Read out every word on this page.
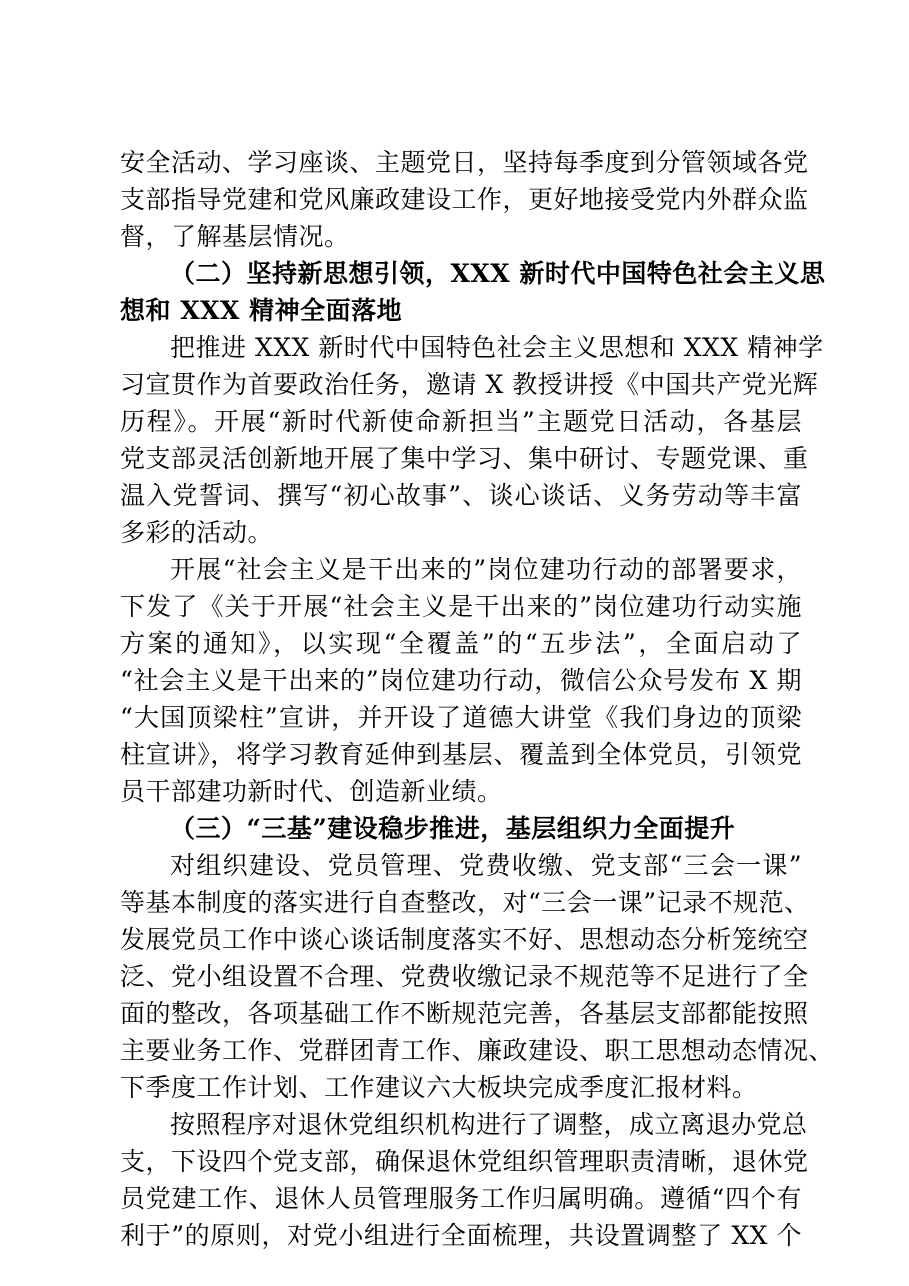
安全活动、学习座谈、主题党日，坚持每季度到分管领域各党
支部指导党建和党风廉政建设工作，更好地接受党内外群众监
督，了解基层情况。
（二）坚持新思想引领，XXX 新时代中国特色社会主义思
想和 XXX 精神全面落地
把推进 XXX 新时代中国特色社会主义思想和 XXX 精神学
习宣贯作为首要政治任务，邀请 X 教授讲授《中国共产党光辉
历程》。开展“新时代新使命新担当”主题党日活动，各基层
党支部灵活创新地开展了集中学习、集中研讨、专题党课、重
温入党誓词、撰写“初心故事”、谈心谈话、义务劳动等丰富
多彩的活动。
开展“社会主义是干出来的”岗位建功行动的部署要求，
下发了《关于开展“社会主义是干出来的”岗位建功行动实施
方案的通知》，以实现“全覆盖”的“五步法”，全面启动了
“社会主义是干出来的”岗位建功行动，微信公众号发布 X 期
“大国顶梁柱”宣讲，并开设了道德大讲堂《我们身边的顶梁
柱宣讲》，将学习教育延伸到基层、覆盖到全体党员，引领党
员干部建功新时代、创造新业绩。
（三）“三基”建设稳步推进，基层组织力全面提升
对组织建设、党员管理、党费收缴、党支部“三会一课”
等基本制度的落实进行自查整改，对“三会一课”记录不规范、
发展党员工作中谈心谈话制度落实不好、思想动态分析笼统空
泛、党小组设置不合理、党费收缴记录不规范等不足进行了全
面的整改，各项基础工作不断规范完善，各基层支部都能按照
主要业务工作、党群团青工作、廉政建设、职工思想动态情况、
下季度工作计划、工作建议六大板块完成季度汇报材料。
按照程序对退休党组织机构进行了调整，成立离退办党总
支，下设四个党支部，确保退休党组织管理职责清晰，退休党
员党建工作、退休人员管理服务工作归属明确。遵循“四个有
利于”的原则，对党小组进行全面梳理，共设置调整了 XX 个
